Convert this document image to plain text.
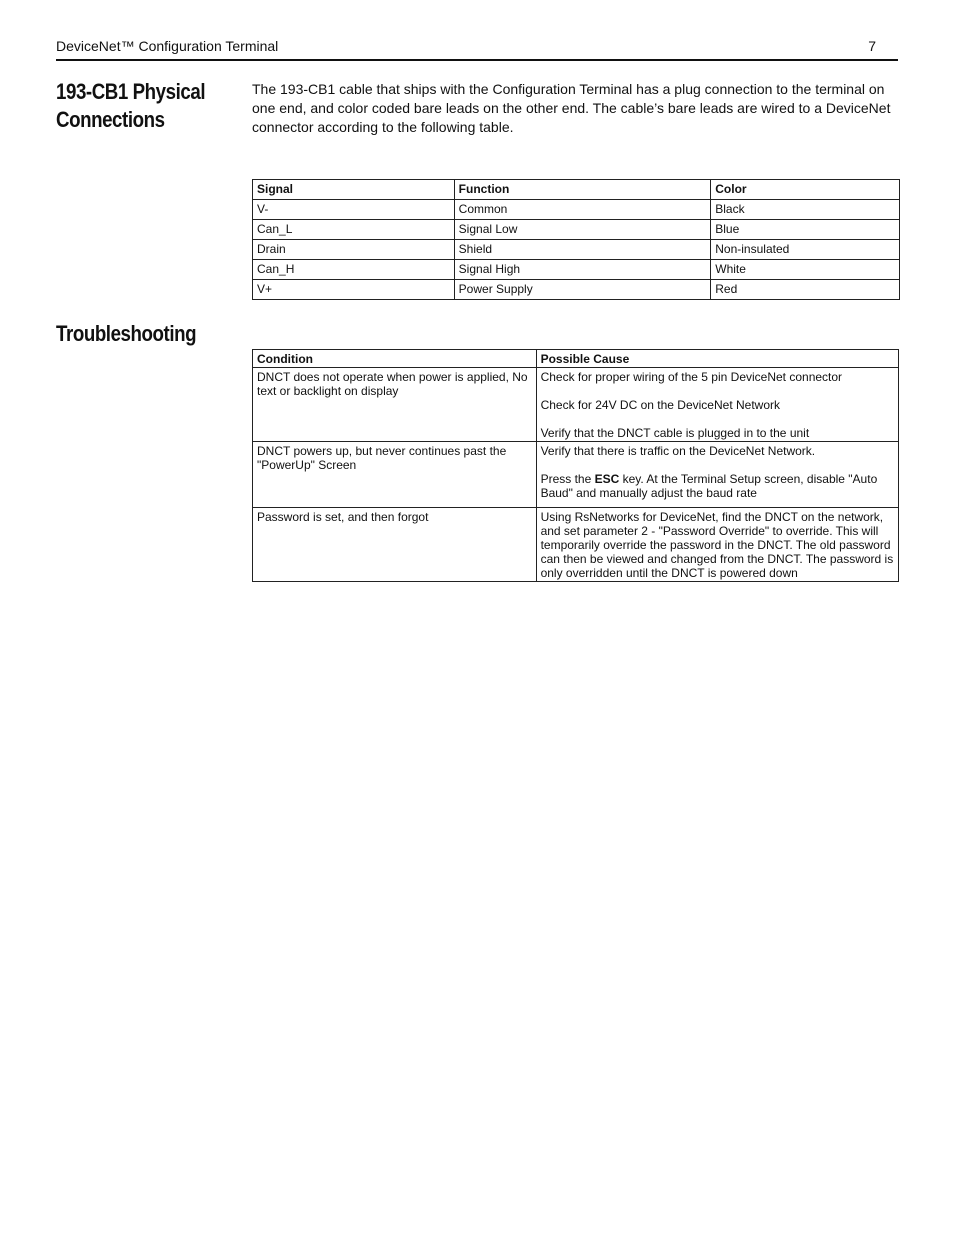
DeviceNet™ Configuration Terminal	7
193-CB1 Physical Connections

The 193-CB1 cable that ships with the Configuration Terminal has a plug connection to the terminal on one end, and color coded bare leads on the other end. The cable’s bare leads are wired to a DeviceNet connector according to the following table.

Signal	Function	Color
V-	Common	Black
Can_L	Signal Low	Blue
Drain	Shield	Non-insulated
Can_H	Signal High	White
V+	Power Supply	Red
Troubleshooting
Condition	Possible Cause

DNCT does not operate when power is applied, No text or backlight on display	Check for proper wiring of the 5 pin DeviceNet connector

Check for 24V DC on the DeviceNet Network

Verify that the DNCT cable is plugged in to the unit

DNCT powers up, but never continues past the "PowerUp" Screen	Verify that there is traffic on the DeviceNet Network.

Press the ESC key. At the Terminal Setup screen, disable "Auto Baud" and manually adjust the baud rate

Password is set, and then forgot	Using RsNetworks for DeviceNet, find the DNCT on the network, and set parameter 2 - "Password Override" to override. This will temporarily override the password in the DNCT. The old password can then be viewed and changed from the DNCT. The password is only overridden until the DNCT is powered down
